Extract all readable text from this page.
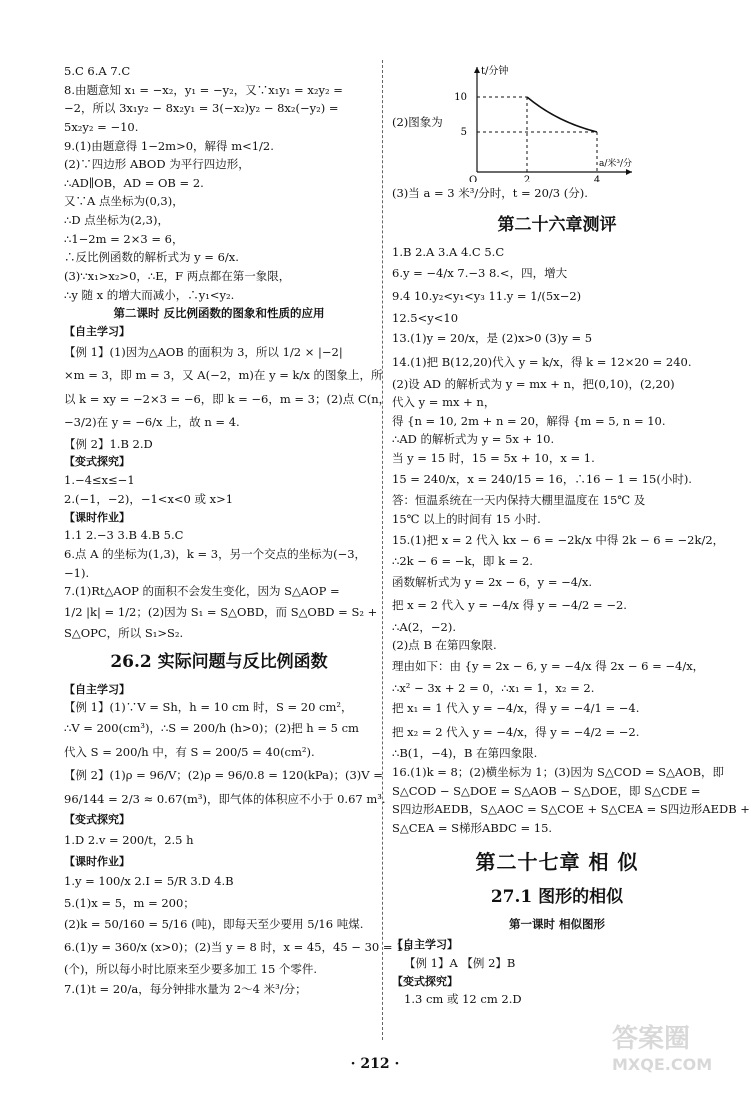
5.C 6.A 7.C
8.由题意知 x₁ = −x₂，y₁ = −y₂，又∵x₁y₁ = x₂y₂ =
−2，所以 3x₁y₂ − 8x₂y₁ = 3(−x₂)y₂ − 8x₂(−y₂) =
5x₂y₂ = −10.
9.(1)由题意得 1−2m>0，解得 m<1/2.
(2)∵四边形 ABOD 为平行四边形，
∴AD∥OB，AD = OB = 2.
又∵A 点坐标为(0,3)，
∴D 点坐标为(2,3)，
∴1−2m = 2×3 = 6，
∴反比例函数的解析式为 y = 6/x.
(3)∵x₁>x₂>0，∴E，F 两点都在第一象限，
∴y 随 x 的增大而减小，∴y₁<y₂.
第二课时 反比例函数的图象和性质的应用
【自主学习】
【例 1】(1)因为△AOB 的面积为 3，所以 1/2 × |−2|
×m = 3，即 m = 3，又 A(−2，m)在 y = k/x 的图象上，所
以 k = xy = −2×3 = −6，即 k = −6，m = 3；(2)点 C(n，
−3/2)在 y = −6/x 上，故 n = 4.
【例 2】1.B 2.D
【变式探究】
1.−4≤x≤−1
2.(−1，−2)，−1<x<0 或 x>1
【课时作业】
1.1 2.−3 3.B 4.B 5.C
6.点 A 的坐标为(1,3)，k = 3，另一个交点的坐标为(−3，
−1).
7.(1)Rt△AOP 的面积不会发生变化，因为 S△AOP =
1/2 |k| = 1/2；(2)因为 S₁ = S△OBD，而 S△OBD = S₂ +
S△OPC，所以 S₁>S₂.
26.2 实际问题与反比例函数
【自主学习】
【例 1】(1)∵V = Sh，h = 10 cm 时，S = 20 cm²，
∴V = 200(cm³)，∴S = 200/h (h>0)；(2)把 h = 5 cm
代入 S = 200/h 中，有 S = 200/5 = 40(cm²).
【例 2】(1)ρ = 96/V；(2)ρ = 96/0.8 = 120(kPa)；(3)V =
96/144 = 2/3 ≈ 0.67(m³)，即气体的体积应不小于 0.67 m³.
【变式探究】
1.D 2.v = 200/t，2.5 h
【课时作业】
1.y = 100/x 2.I = 5/R 3.D 4.B
5.(1)x = 5，m = 200；
(2)k = 50/160 = 5/16 (吨)，即每天至少要用 5/16 吨煤.
6.(1)y = 360/x (x>0)；(2)当 y = 8 时，x = 45，45 − 30 = 15
(个)，所以每小时比原来至少要多加工 15 个零件.
7.(1)t = 20/a，每分钟排水量为 2～4 米³/分；
(2)图象为
10
5
2	4
O
t/分钟
a/米³/分
(3)当 a = 3 米³/分时，t = 20/3 (分).
第二十六章测评
1.B 2.A 3.A 4.C 5.C
6.y = −4/x 7.−3 8.<，四，增大
9.4 10.y₂<y₁<y₃ 11.y = 1/(5x−2)
12.5<y<10
13.(1)y = 20/x，是 (2)x>0 (3)y = 5
14.(1)把 B(12,20)代入 y = k/x，得 k = 12×20 = 240.
(2)设 AD 的解析式为 y = mx + n，把(0,10)，(2,20)
代入 y = mx + n，
得 {n = 10, 2m + n = 20，解得 {m = 5, n = 10.
∴AD 的解析式为 y = 5x + 10.
当 y = 15 时，15 = 5x + 10，x = 1.
15 = 240/x，x = 240/15 = 16，∴16 − 1 = 15(小时).
答：恒温系统在一天内保持大棚里温度在 15℃ 及
15℃ 以上的时间有 15 小时.
15.(1)把 x = 2 代入 kx − 6 = −2k/x 中得 2k − 6 = −2k/2，
∴2k − 6 = −k，即 k = 2.
函数解析式为 y = 2x − 6，y = −4/x.
把 x = 2 代入 y = −4/x 得 y = −4/2 = −2.
∴A(2，−2).
(2)点 B 在第四象限.
理由如下：由 {y = 2x − 6, y = −4/x 得 2x − 6 = −4/x，
∴x² − 3x + 2 = 0，∴x₁ = 1，x₂ = 2.
把 x₁ = 1 代入 y = −4/x，得 y = −4/1 = −4.
把 x₂ = 2 代入 y = −4/x，得 y = −4/2 = −2.
∴B(1，−4)，B 在第四象限.
16.(1)k = 8；(2)横坐标为 1；(3)因为 S△COD = S△AOB，即
S△COD − S△DOE = S△AOB − S△DOE，即 S△CDE =
S四边形AEDB，S△AOC = S△COE + S△CEA = S四边形AEDB +
S△CEA = S梯形ABDC = 15.
第二十七章 相 似
27.1 图形的相似
第一课时 相似图形
【自主学习】
【例 1】A 【例 2】B
【变式探究】
1.3 cm 或 12 cm 2.D
· 212 ·
答案圈
MXQE.COM
